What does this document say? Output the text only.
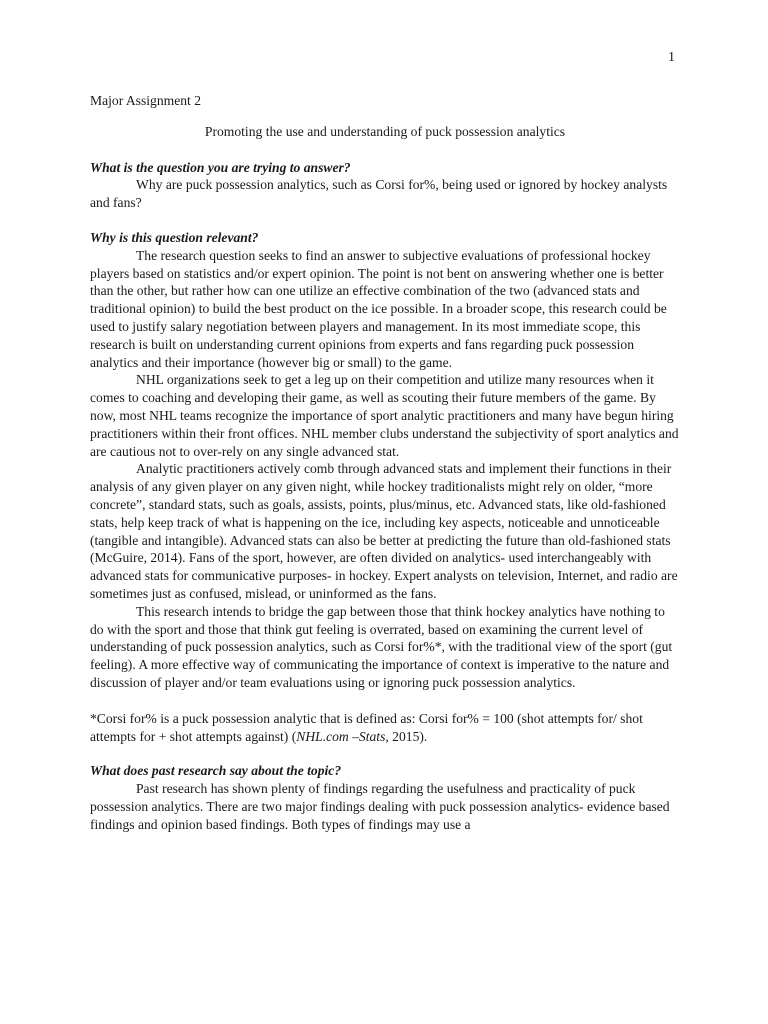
1

Major Assignment 2

Promoting the use and understanding of puck possession analytics

What is the question you are trying to answer?

Why are puck possession analytics, such as Corsi for%, being used or ignored by hockey analysts and fans?

Why is this question relevant?

The research question seeks to find an answer to subjective evaluations of professional hockey players based on statistics and/or expert opinion. The point is not bent on answering whether one is better than the other, but rather how can one utilize an effective combination of the two (advanced stats and traditional opinion) to build the best product on the ice possible. In a broader scope, this research could be used to justify salary negotiation between players and management. In its most immediate scope, this research is built on understanding current opinions from experts and fans regarding puck possession analytics and their importance (however big or small) to the game.

NHL organizations seek to get a leg up on their competition and utilize many resources when it comes to coaching and developing their game, as well as scouting their future members of the game. By now, most NHL teams recognize the importance of sport analytic practitioners and many have begun hiring practitioners within their front offices. NHL member clubs understand the subjectivity of sport analytics and are cautious not to over-rely on any single advanced stat.

Analytic practitioners actively comb through advanced stats and implement their functions in their analysis of any given player on any given night, while hockey traditionalists might rely on older, “more concrete”, standard stats, such as goals, assists, points, plus/minus, etc. Advanced stats, like old-fashioned stats, help keep track of what is happening on the ice, including key aspects, noticeable and unnoticeable (tangible and intangible). Advanced stats can also be better at predicting the future than old-fashioned stats (McGuire, 2014). Fans of the sport, however, are often divided on analytics- used interchangeably with advanced stats for communicative purposes- in hockey. Expert analysts on television, Internet, and radio are sometimes just as confused, mislead, or uninformed as the fans.

This research intends to bridge the gap between those that think hockey analytics have nothing to do with the sport and those that think gut feeling is overrated, based on examining the current level of understanding of puck possession analytics, such as Corsi for%*, with the traditional view of the sport (gut feeling). A more effective way of communicating the importance of context is imperative to the nature and discussion of player and/or team evaluations using or ignoring puck possession analytics.

*Corsi for% is a puck possession analytic that is defined as: Corsi for% = 100 (shot attempts for/ shot attempts for + shot attempts against) (NHL.com –Stats, 2015).

What does past research say about the topic?

Past research has shown plenty of findings regarding the usefulness and practicality of puck possession analytics. There are two major findings dealing with puck possession analytics- evidence based findings and opinion based findings. Both types of findings may use a
